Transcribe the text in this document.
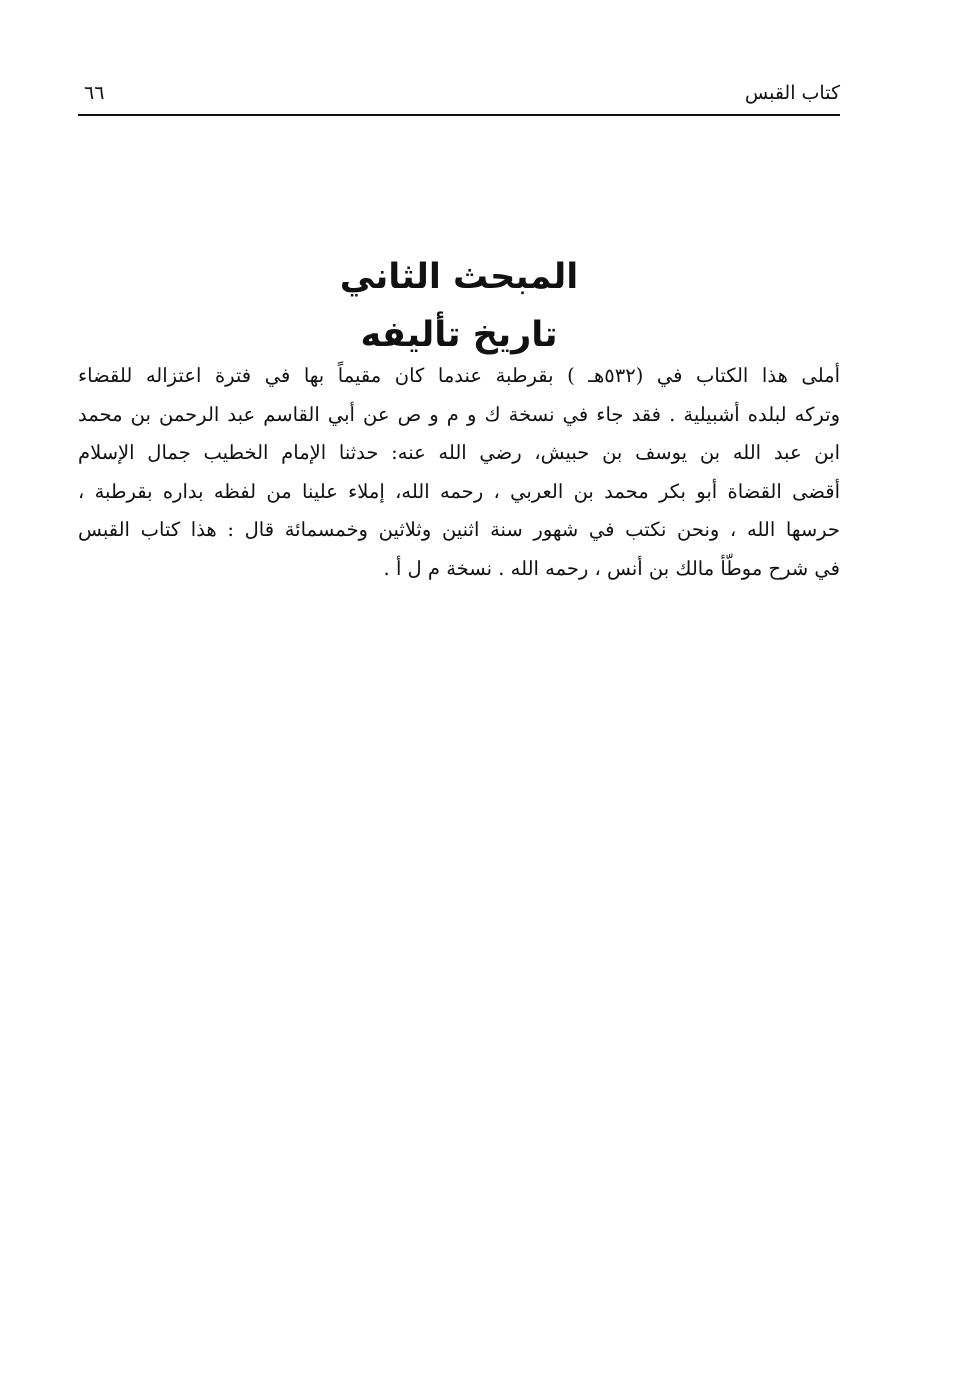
كتاب القبس
٦٦
المبحث الثاني
تاريخ تأليفه
أملى هذا الكتاب في (٥٣٢هـ ) بقرطبة عندما كان مقيماً بها في فترة اعتزاله للقضاء
وتركه لبلده أشبيلية . فقد جاء في نسخة ك و م و ص عن أبي القاسم عبد الرحمن بن محمد
ابن عبد الله بن يوسف بن حبيش، رضي الله عنه: حدثنا الإمام الخطيب جمال الإسلام
أقضى القضاة أبو بكر محمد بن العربي ، رحمه الله، إملاء علينا من لفظه بداره بقرطبة ،
حرسها الله ، ونحن نكتب في شهور سنة اثنين وثلاثين وخمسمائة قال : هذا كتاب القبس
في شرح موطّأ مالك بن أنس ، رحمه الله . نسخة م ل أ .
